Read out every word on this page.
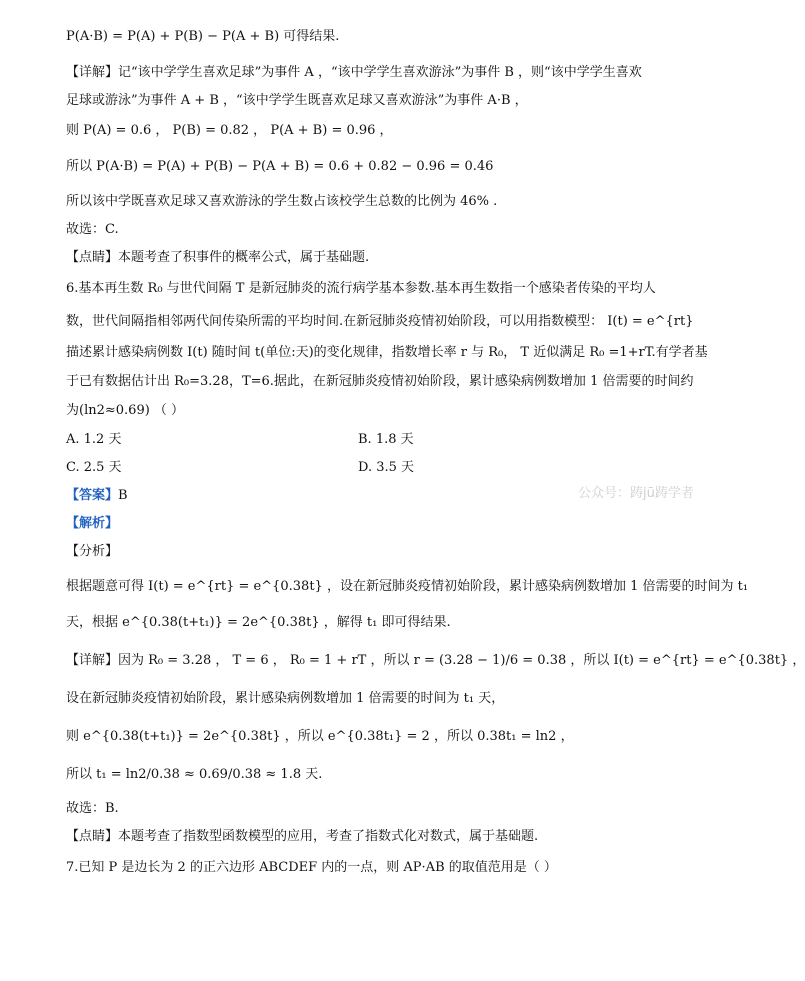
P(A·B) = P(A) + P(B) − P(A + B) 可得结果.
【详解】记“该中学学生喜欢足球”为事件 A ，“该中学学生喜欢游泳”为事件 B ，则“该中学学生喜欢
足球或游泳”为事件 A + B ，“该中学学生既喜欢足球又喜欢游泳”为事件 A·B ，
则 P(A) = 0.6 ， P(B) = 0.82 ， P(A + B) = 0.96 ，
所以 P(A·B) = P(A) + P(B) − P(A + B) = 0.6 + 0.82 − 0.96 = 0.46
所以该中学既喜欢足球又喜欢游泳的学生数占该校学生总数的比例为 46% .
故选：C.
【点睛】本题考查了积事件的概率公式，属于基础题.
6.基本再生数 R₀ 与世代间隔 T 是新冠肺炎的流行病学基本参数.基本再生数指一个感染者传染的平均人
数，世代间隔指相邻两代间传染所需的平均时间.在新冠肺炎疫情初始阶段，可以用指数模型： I(t) = e^{rt}
描述累计感染病例数 I(t) 随时间 t(单位:天)的变化规律，指数增长率 r 与 R₀， T 近似满足 R₀ =1+rT.有学者基
于已有数据估计出 R₀=3.28，T=6.据此，在新冠肺炎疫情初始阶段，累计感染病例数增加 1 倍需要的时间约
为(ln2≈0.69) （ ）
A. 1.2 天	B. 1.8 天
C. 2.5 天	D. 3.5 天
【答案】B
【解析】
【分析】
根据题意可得 I(t) = e^{rt} = e^{0.38t} ，设在新冠肺炎疫情初始阶段，累计感染病例数增加 1 倍需要的时间为 t₁
天，根据 e^{0.38(t+t₁)} = 2e^{0.38t} ，解得 t₁ 即可得结果.
【详解】因为 R₀ = 3.28 ， T = 6 ， R₀ = 1 + rT ，所以 r = (3.28 − 1)/6 = 0.38 ，所以 I(t) = e^{rt} = e^{0.38t} ，
设在新冠肺炎疫情初始阶段，累计感染病例数增加 1 倍需要的时间为 t₁ 天，
则 e^{0.38(t+t₁)} = 2e^{0.38t} ，所以 e^{0.38t₁} = 2 ，所以 0.38t₁ = ln2 ，
所以 t₁ = ln2/0.38 ≈ 0.69/0.38 ≈ 1.8 天.
故选：B.
【点睛】本题考查了指数型函数模型的应用，考查了指数式化对数式，属于基础题.
7.已知 P 是边长为 2 的正六边形 ABCDEF 内的一点，则 AP·AB 的取值范用是（ ）
公众号：踌jū踌学者
